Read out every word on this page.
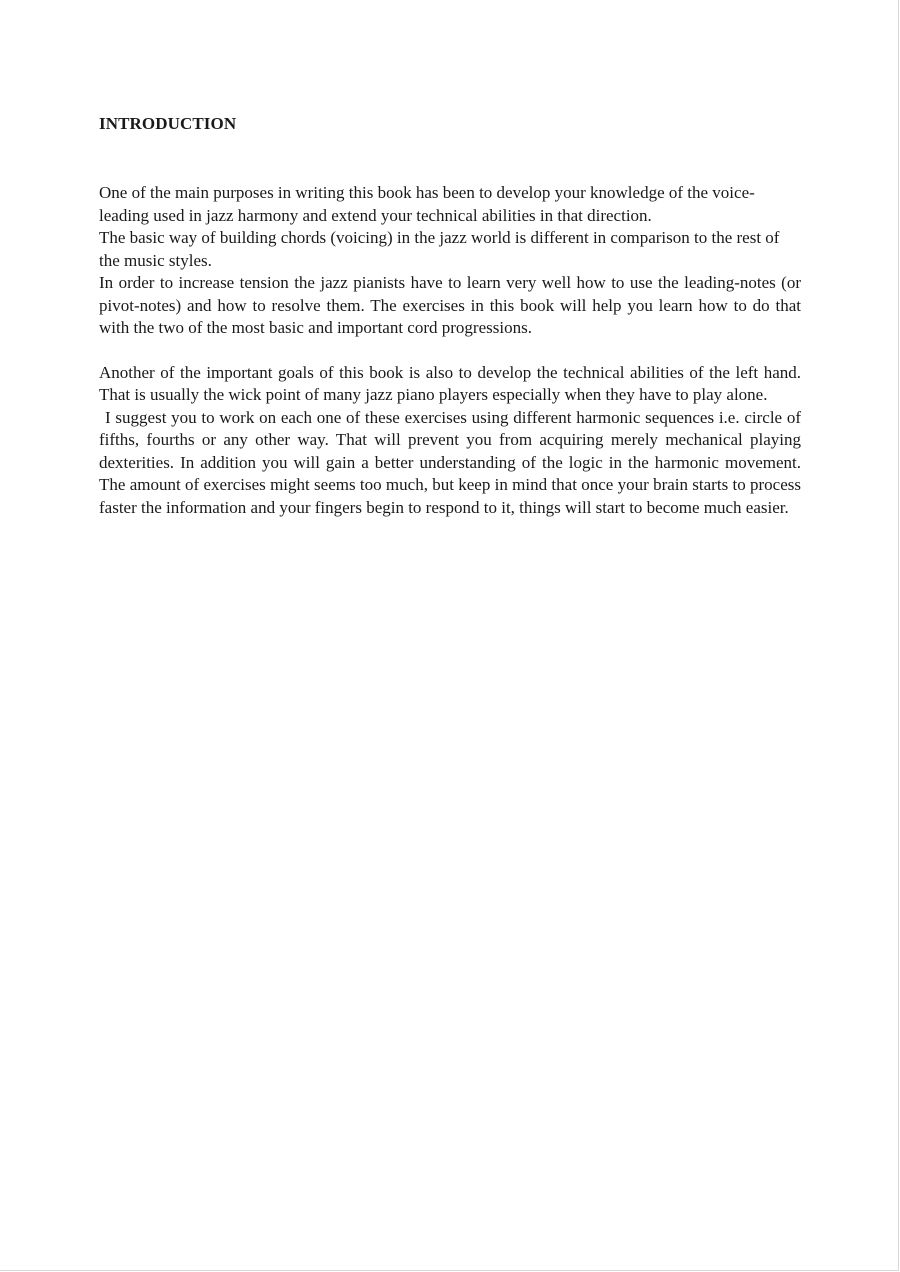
INTRODUCTION

One of the main purposes in writing this book has been to develop your knowledge of the voice-leading used in jazz harmony and extend your technical abilities in that direction.

The basic way of building chords (voicing) in the jazz world is different in comparison to the rest of the music styles.

In order to increase tension the jazz pianists have to learn very well how to use the leading-notes (or pivot-notes) and how to resolve them. The exercises in this book will help you learn how to do that with the two of the most basic and important cord progressions.

Another of the important goals of this book is also to develop the technical abilities of the left hand. That is usually the wick point of many jazz piano players especially when they have to play alone.

I suggest you to work on each one of these exercises using different harmonic sequences i.e. circle of fifths, fourths or any other way. That will prevent you from acquiring merely mechanical playing dexterities. In addition you will gain a better understanding of the logic in the harmonic movement. The amount of exercises might seems too much, but keep in mind that once your brain starts to process faster the information and your fingers begin to respond to it, things will start to become much easier.
